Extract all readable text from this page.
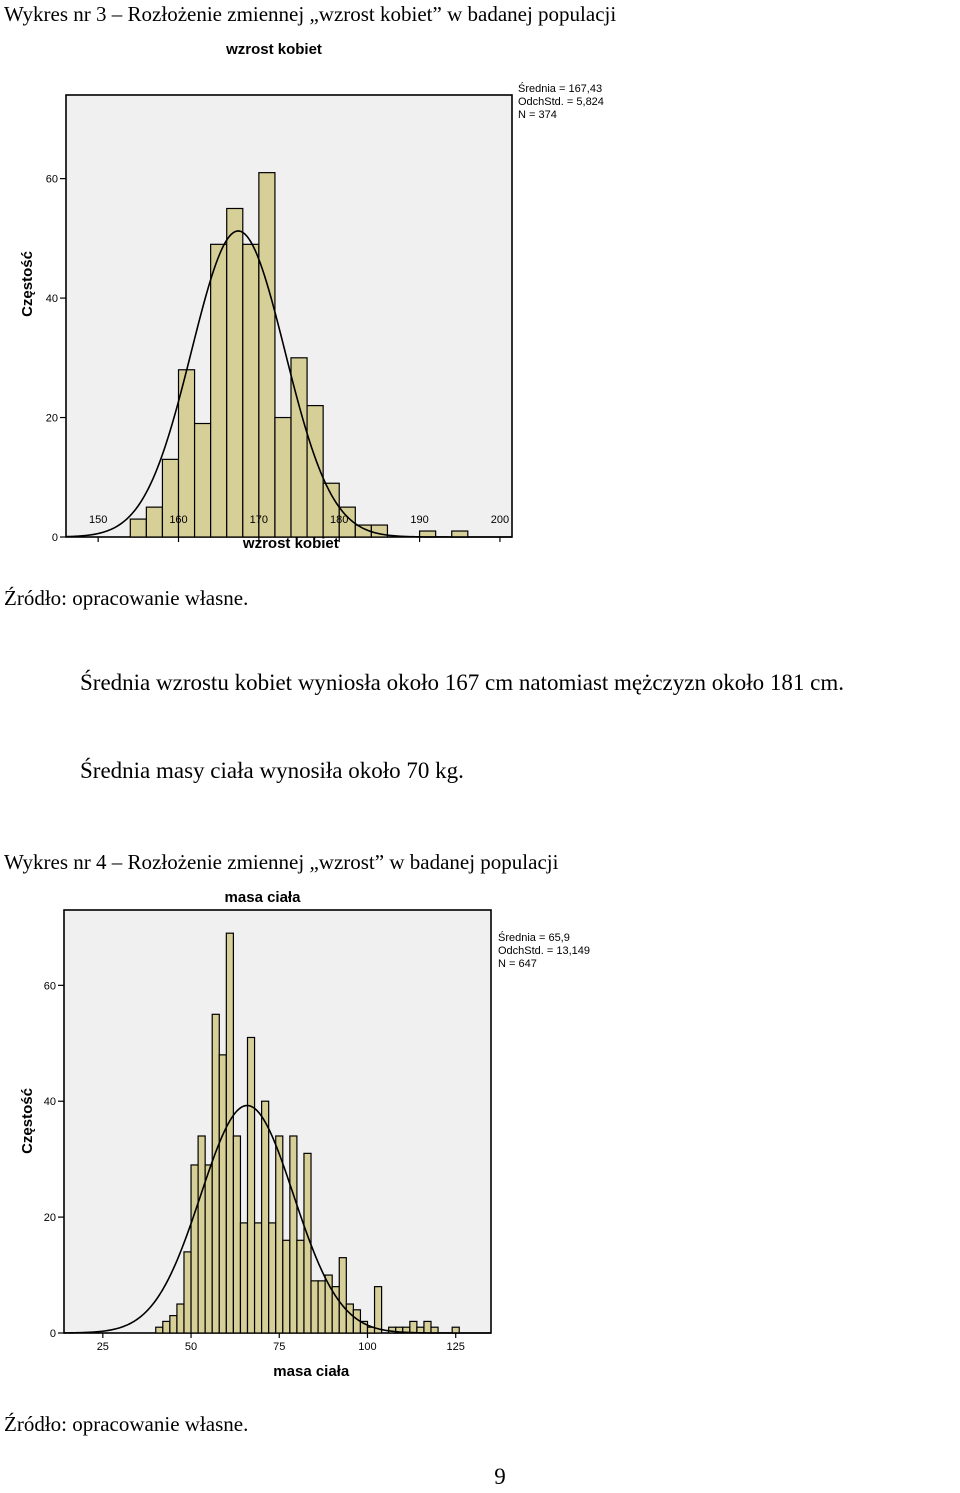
Wykres nr 3 – Rozłożenie zmiennej „wzrost kobiet” w badanej populacji
wzrost kobiet
0
20
40
60
150	160	170	180	190	200
wzrost kobiet
Częstość
Średnia = 167,43
OdchStd. = 5,824
N = 374
Źródło: opracowanie własne.
Średnia wzrostu kobiet wyniosła około 167 cm natomiast mężczyzn około 181 cm.
Średnia masy ciała wynosiła około 70 kg.
Wykres nr 4 – Rozłożenie zmiennej „wzrost” w badanej populacji
masa ciała
0
20
40
60
25	50	75	100	125
masa ciała
Częstość
Średnia = 65,9
OdchStd. = 13,149
N = 647
Źródło: opracowanie własne.
9
